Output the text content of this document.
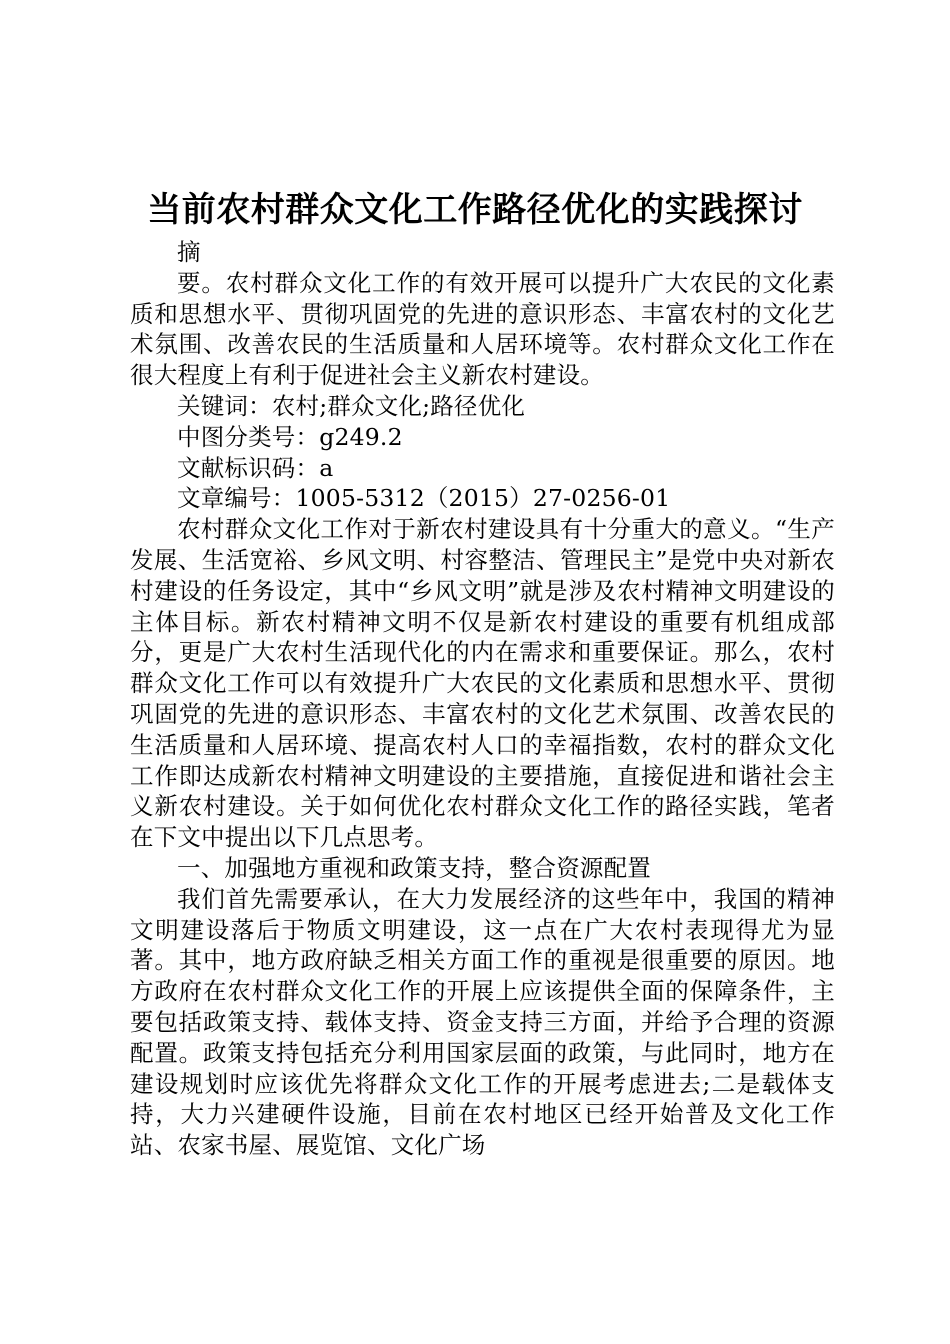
当前农村群众文化工作路径优化的实践探讨

摘

要。农村群众文化工作的有效开展可以提升广大农民的文化素质和思想水平、贯彻巩固党的先进的意识形态、丰富农村的文化艺术氛围、改善农民的生活质量和人居环境等。农村群众文化工作在很大程度上有利于促进社会主义新农村建设。

关键词：农村;群众文化;路径优化

中图分类号：g249.2

文献标识码：a

文章编号：1005-5312（2015）27-0256-01

农村群众文化工作对于新农村建设具有十分重大的意义。“生产发展、生活宽裕、乡风文明、村容整洁、管理民主”是党中央对新农村建设的任务设定，其中“乡风文明”就是涉及农村精神文明建设的主体目标。新农村精神文明不仅是新农村建设的重要有机组成部分，更是广大农村生活现代化的内在需求和重要保证。那么，农村群众文化工作可以有效提升广大农民的文化素质和思想水平、贯彻巩固党的先进的意识形态、丰富农村的文化艺术氛围、改善农民的生活质量和人居环境、提高农村人口的幸福指数，农村的群众文化工作即达成新农村精神文明建设的主要措施，直接促进和谐社会主义新农村建设。关于如何优化农村群众文化工作的路径实践，笔者在下文中提出以下几点思考。

一、加强地方重视和政策支持，整合资源配置

我们首先需要承认，在大力发展经济的这些年中，我国的精神文明建设落后于物质文明建设，这一点在广大农村表现得尤为显著。其中，地方政府缺乏相关方面工作的重视是很重要的原因。地方政府在农村群众文化工作的开展上应该提供全面的保障条件，主要包括政策支持、载体支持、资金支持三方面，并给予合理的资源配置。政策支持包括充分利用国家层面的政策，与此同时，地方在建设规划时应该优先将群众文化工作的开展考虑进去;二是载体支持，大力兴建硬件设施，目前在农村地区已经开始普及文化工作站、农家书屋、展览馆、文化广场
